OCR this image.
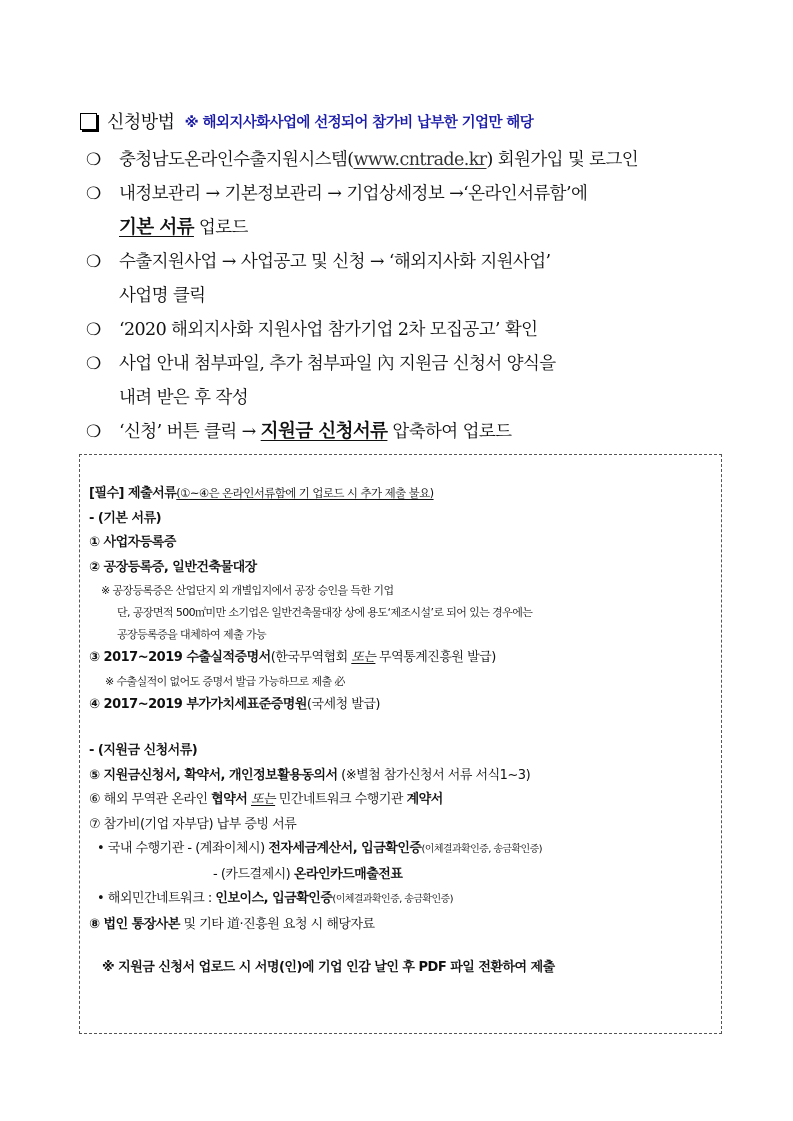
신청방법 ※ 해외지사화사업에 선정되어 참가비 납부한 기업만 해당
❍ 충청남도온라인수출지원시스템(www.cntrade.kr) 회원가입 및 로그인
❍ 내정보관리 → 기본정보관리 → 기업상세정보 →‘온라인서류함’에
기본 서류 업로드
❍ 수출지원사업 → 사업공고 및 신청 → ‘해외지사화 지원사업’
사업명 클릭
❍ ‘2020 해외지사화 지원사업 참가기업 2차 모집공고’ 확인
❍ 사업 안내 첨부파일, 추가 첨부파일 內 지원금 신청서 양식을
내려 받은 후 작성
❍ ‘신청’ 버튼 클릭 → 지원금 신청서류 압축하여 업로드
[필수] 제출서류(①~④은 온라인서류함에 기 업로드 시 추가 제출 불요)
- (기본 서류)
① 사업자등록증
② 공장등록증, 일반건축물대장
※ 공장등록증은 산업단지 외 개별입지에서 공장 승인을 득한 기업
단, 공장면적 500㎡미만 소기업은 일반건축물대장 상에 용도‘제조시설’로 되어 있는 경우에는
공장등록증을 대체하여 제출 가능
③ 2017~2019 수출실적증명서(한국무역협회 또는 무역통계진흥원 발급)
※ 수출실적이 없어도 증명서 발급 가능하므로 제출 必
④ 2017~2019 부가가치세표준증명원(국세청 발급)
- (지원금 신청서류)
⑤ 지원금신청서, 확약서, 개인정보활용동의서 (※별첨 참가신청서 서류 서식1~3)
⑥ 해외 무역관 온라인 협약서 또는 민간네트워크 수행기관 계약서
⑦ 참가비(기업 자부담) 납부 증빙 서류
• 국내 수행기관 - (계좌이체시) 전자세금계산서, 입금확인증(이체결과확인증, 송금확인증)
- (카드결제시) 온라인카드매출전표
• 해외민간네트워크 : 인보이스, 입금확인증(이체결과확인증, 송금확인증)
⑧ 법인 통장사본 및 기타 道·진흥원 요청 시 해당자료
※ 지원금 신청서 업로드 시 서명(인)에 기업 인감 날인 후 PDF 파일 전환하여 제출
